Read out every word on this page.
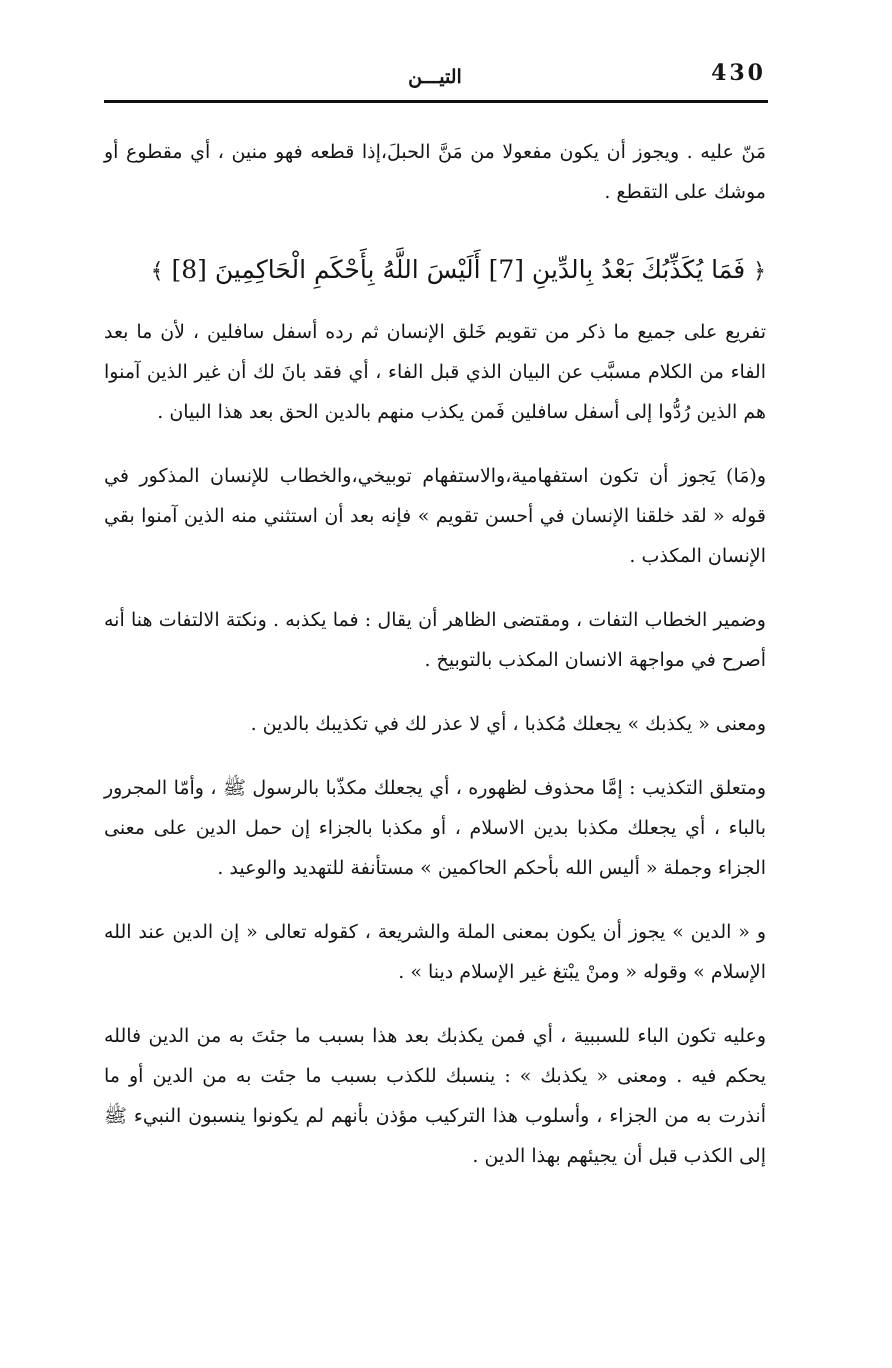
430
التيـــن

مَنّ عليه . ويجوز أن يكون مفعولا من مَنَّ الحبلَ،إذا قطعه فهو منين ، أي مقطوع أو موشك على التقطع .

﴿ فَمَا يُكَذِّبُكَ بَعْدُ بِالدِّينِ [7] أَلَيْسَ اللَّهُ بِأَحْكَمِ الْحَاكِمِينَ [8] ﴾

تفريع على جميع ما ذكر من تقويم خَلق الإنسان ثم رده أسفل سافلين ، لأن ما بعد الفاء من الكلام مسبَّب عن البيان الذي قبل الفاء ، أي فقد بانَ لك أن غير الذين آمنوا هم الذين رُدُّوا إلى أسفل سافلين فَمن يكذب منهم بالدين الحق بعد هذا البيان .

و(مَا) يَجوز أن تكون استفهامية،والاستفهام توبيخي،والخطاب للإنسان المذكور في قوله « لقد خلقنا الإنسان في أحسن تقويم » فإنه بعد أن استثني منه الذين آمنوا بقي الإنسان المكذب .

وضمير الخطاب التفات ، ومقتضى الظاهر أن يقال : فما يكذبه . ونكتة الالتفات هنا أنه أصرح في مواجهة الانسان المكذب بالتوبيخ .

ومعنى « يكذبك » يجعلك مُكذبا ، أي لا عذر لك في تكذيبك بالدين .

ومتعلق التكذيب : إمَّا محذوف لظهوره ، أي يجعلك مكذّبا بالرسول ﷺ ، وأمّا المجرور بالباء ، أي يجعلك مكذبا بدين الاسلام ، أو مكذبا بالجزاء إن حمل الدين على معنى الجزاء وجملة « أليس الله بأحكم الحاكمين » مستأنفة للتهديد والوعيد .

و « الدين » يجوز أن يكون بمعنى الملة والشريعة ، كقوله تعالى « إن الدين عند الله الإسلام » وقوله « ومنْ يبْتغ غير الإسلام دينا » .

وعليه تكون الباء للسببية ، أي فمن يكذبك بعد هذا بسبب ما جئتَ به من الدين فالله يحكم فيه . ومعنى « يكذبك » : ينسبك للكذب بسبب ما جئت به من الدين أو ما أنذرت به من الجزاء ، وأسلوب هذا التركيب مؤذن بأنهم لم يكونوا ينسبون النبيء ﷺ إلى الكذب قبل أن يجيئهم بهذا الدين .
